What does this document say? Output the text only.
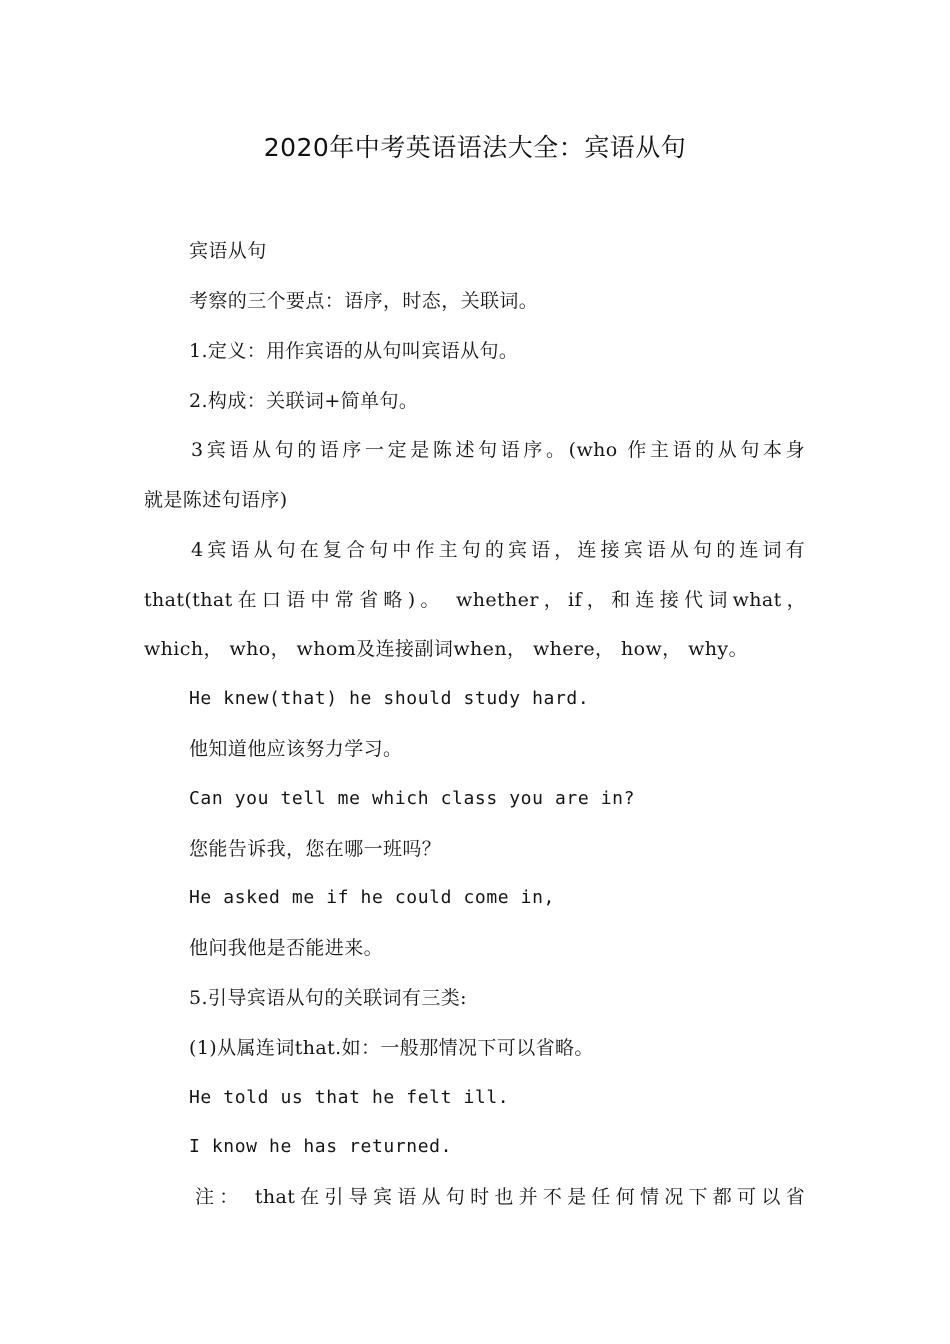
2020年中考英语语法大全：宾语从句
宾语从句
考察的三个要点：语序，时态，关联词。
1.定义：用作宾语的从句叫宾语从句。
2.构成：关联词+简单句。
3宾语从句的语序一定是陈述句语序。(who 作主语的从句本身
就是陈述句语序)
4宾语从句在复合句中作主句的宾语，连接宾语从句的连词有
that(that在口语中常省略)。 whether，if，和连接代词what，
which， who， whom及连接副词when， where， how， why。
He knew(that) he should study hard.
他知道他应该努力学习。
Can you tell me which class you are in?
您能告诉我，您在哪一班吗？
He asked me if he could come in,
他问我他是否能进来。
5.引导宾语从句的关联词有三类:
(1)从属连词that.如：一般那情况下可以省略。
He told us that he felt ill.
I know he has returned.
注： that在引导宾语从句时也并不是任何情况下都可以省
